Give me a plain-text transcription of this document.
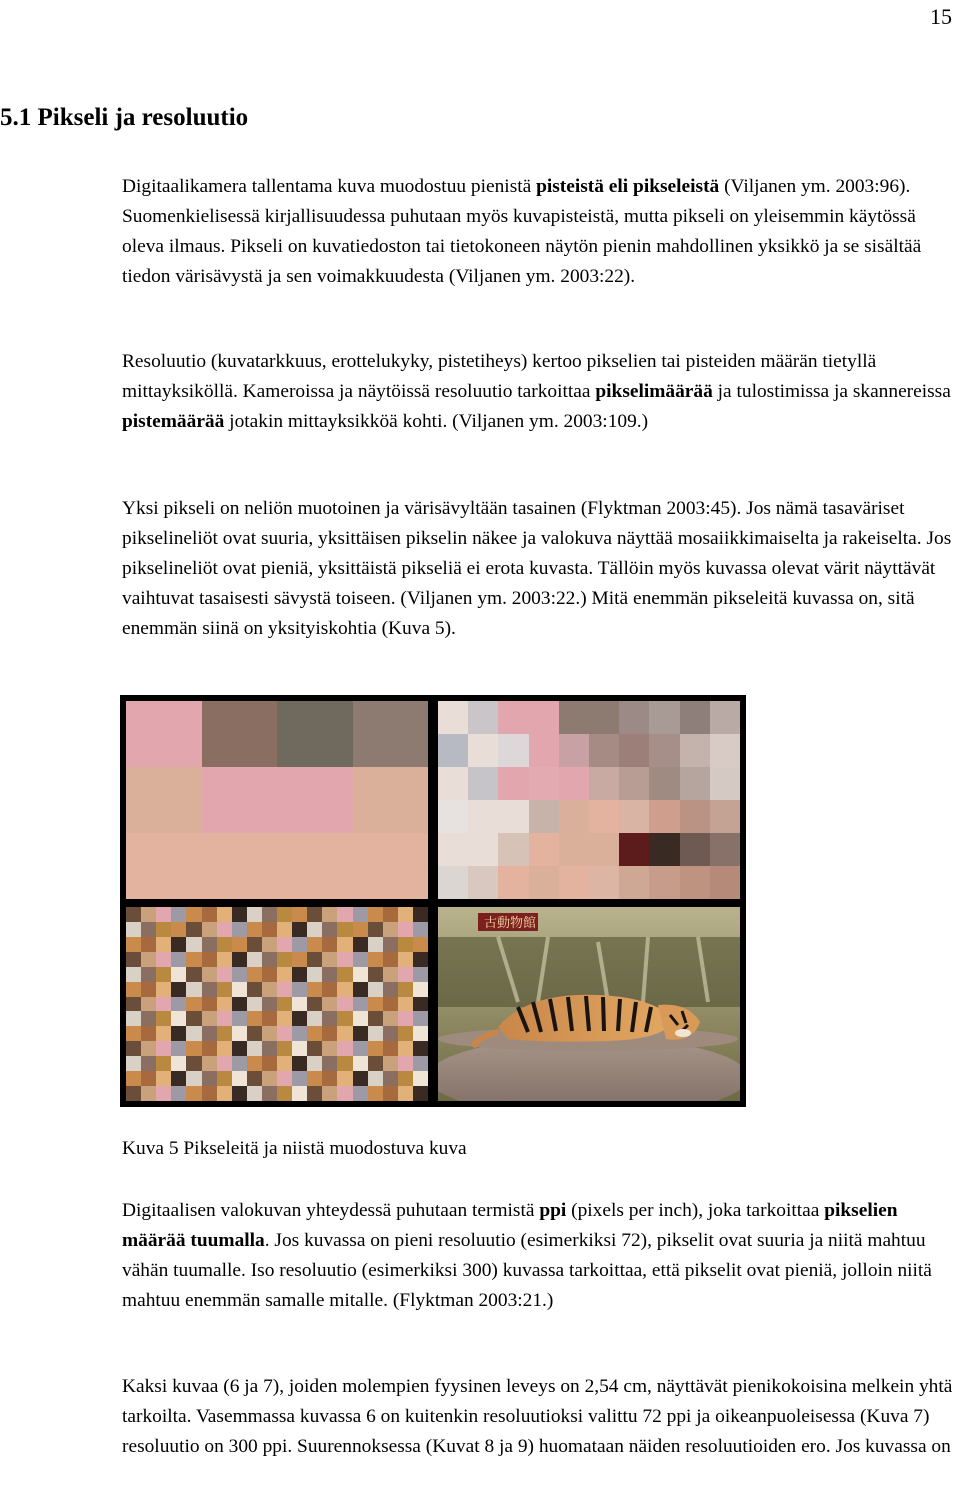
15
5.1 Pikseli ja resoluutio

Digitaalikamera tallentama kuva muodostuu pienistä pisteistä eli pikseleistä (Viljanen ym. 2003:96). Suomenkielisessä kirjallisuudessa puhutaan myös kuvapisteistä, mutta pikseli on yleisemmin käytössä oleva ilmaus. Pikseli on kuvatiedoston tai tietokoneen näytön pienin mahdollinen yksikkö ja se sisältää tiedon värisävystä ja sen voimakkuudesta (Viljanen ym. 2003:22).

Resoluutio (kuvatarkkuus, erottelukyky, pistetiheys) kertoo pikselien tai pisteiden määrän tietyllä mittayksiköllä. Kameroissa ja näytöissä resoluutio tarkoittaa pikselimäärää ja tulostimissa ja skannereissa pistemäärää jotakin mittayksikköä kohti. (Viljanen ym. 2003:109.)

Yksi pikseli on neliön muotoinen ja värisävyltään tasainen (Flyktman 2003:45). Jos nämä tasaväriset pikselineliöt ovat suuria, yksittäisen pikselin näkee ja valokuva näyttää mosaiikkimaiselta ja rakeiselta. Jos pikselineliöt ovat pieniä, yksittäistä pikseliä ei erota kuvasta. Tällöin myös kuvassa olevat värit näyttävät vaihtuvat tasaisesti sävystä toiseen. (Viljanen ym. 2003:22.) Mitä enemmän pikseleitä kuvassa on, sitä enemmän siinä on yksityiskohtia (Kuva 5).

古動物館
Kuva 5 Pikseleitä ja niistä muodostuva kuva

Digitaalisen valokuvan yhteydessä puhutaan termistä ppi (pixels per inch), joka tarkoittaa pikselien määrää tuumalla. Jos kuvassa on pieni resoluutio (esimerkiksi 72), pikselit ovat suuria ja niitä mahtuu vähän tuumalle. Iso resoluutio (esimerkiksi 300) kuvassa tarkoittaa, että pikselit ovat pieniä, jolloin niitä mahtuu enemmän samalle mitalle. (Flyktman 2003:21.)

Kaksi kuvaa (6 ja 7), joiden molempien fyysinen leveys on 2,54 cm, näyttävät pienikokoisina melkein yhtä tarkoilta. Vasemmassa kuvassa 6 on kuitenkin resoluutioksi valittu 72 ppi ja oikeanpuoleisessa (Kuva 7) resoluutio on 300 ppi. Suurennoksessa (Kuvat 8 ja 9) huomataan näiden resoluutioiden ero. Jos kuvassa on
